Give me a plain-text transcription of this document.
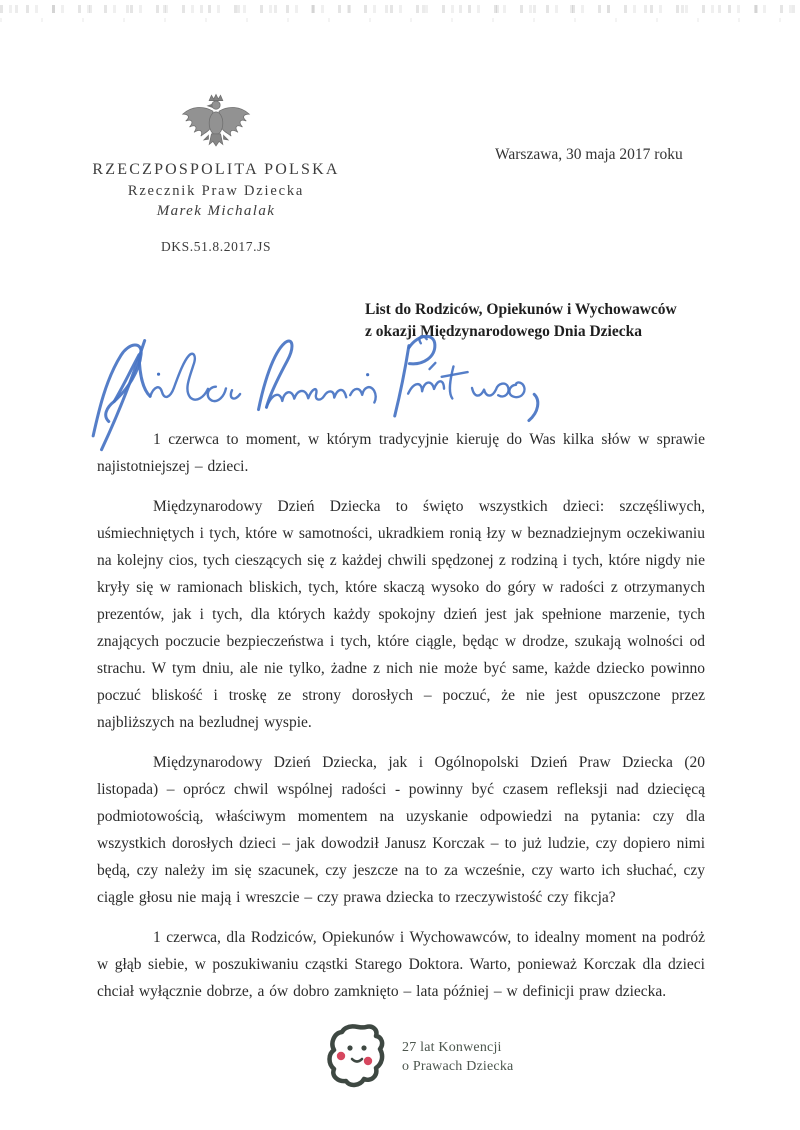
RZECZPOSPOLITA POLSKA
Rzecznik Praw Dziecka
Marek Michalak
DKS.51.8.2017.JS
Warszawa, 30 maja 2017 roku
List do Rodziców, Opiekunów i Wychowawców
z okazji Międzynarodowego Dnia Dziecka

1 czerwca to moment, w którym tradycyjnie kieruję do Was kilka słów w sprawie najistotniejszej – dzieci.

Międzynarodowy Dzień Dziecka to święto wszystkich dzieci: szczęśliwych, uśmiechniętych i tych, które w samotności, ukradkiem ronią łzy w beznadziejnym oczekiwaniu na kolejny cios, tych cieszących się z każdej chwili spędzonej z rodziną i tych, które nigdy nie kryły się w ramionach bliskich, tych, które skaczą wysoko do góry w radości z otrzymanych prezentów, jak i tych, dla których każdy spokojny dzień jest jak spełnione marzenie, tych znających poczucie bezpieczeństwa i tych, które ciągle, będąc w drodze, szukają wolności od strachu. W tym dniu, ale nie tylko, żadne z nich nie może być same, każde dziecko powinno poczuć bliskość i troskę ze strony dorosłych – poczuć, że nie jest opuszczone przez najbliższych na bezludnej wyspie.

Międzynarodowy Dzień Dziecka, jak i Ogólnopolski Dzień Praw Dziecka (20 listopada) – oprócz chwil wspólnej radości - powinny być czasem refleksji nad dziecięcą podmiotowością, właściwym momentem na uzyskanie odpowiedzi na pytania: czy dla wszystkich dorosłych dzieci – jak dowodził Janusz Korczak – to już ludzie, czy dopiero nimi będą, czy należy im się szacunek, czy jeszcze na to za wcześnie, czy warto ich słuchać, czy ciągle głosu nie mają i wreszcie – czy prawa dziecka to rzeczywistość czy fikcja?

1 czerwca, dla Rodziców, Opiekunów i Wychowawców, to idealny moment na podróż w głąb siebie, w poszukiwaniu cząstki Starego Doktora. Warto, ponieważ Korczak dla dzieci chciał wyłącznie dobrze, a ów dobro zamknięto – lata później – w definicji praw dziecka.

27 lat Konwencji
o Prawach Dziecka
